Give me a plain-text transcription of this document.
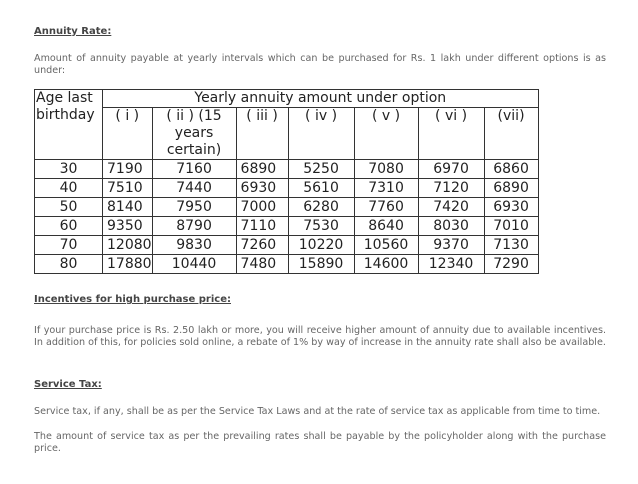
Annuity Rate:

Amount of annuity payable at yearly intervals which can be purchased for Rs. 1 lakh under different options is as under:

Age last birthday	Yearly annuity amount under option						
	( i )	( ii ) (15 years certain)	( iii )	( iv )	( v )	( vi )	(vii)
30	7190	7160	6890	5250	7080	6970	6860
40	7510	7440	6930	5610	7310	7120	6890
50	8140	7950	7000	6280	7760	7420	6930
60	9350	8790	7110	7530	8640	8030	7010
70	12080	9830	7260	10220	10560	9370	7130
80	17880	10440	7480	15890	14600	12340	7290
Incentives for high purchase price:

If your purchase price is Rs. 2.50 lakh or more, you will receive higher amount of annuity due to available incentives. In addition of this, for policies sold online, a rebate of 1% by way of increase in the annuity rate shall also be available.

Service Tax:

Service tax, if any, shall be as per the Service Tax Laws and at the rate of service tax as applicable from time to time.

The amount of service tax as per the prevailing rates shall be payable by the policyholder along with the purchase price.
